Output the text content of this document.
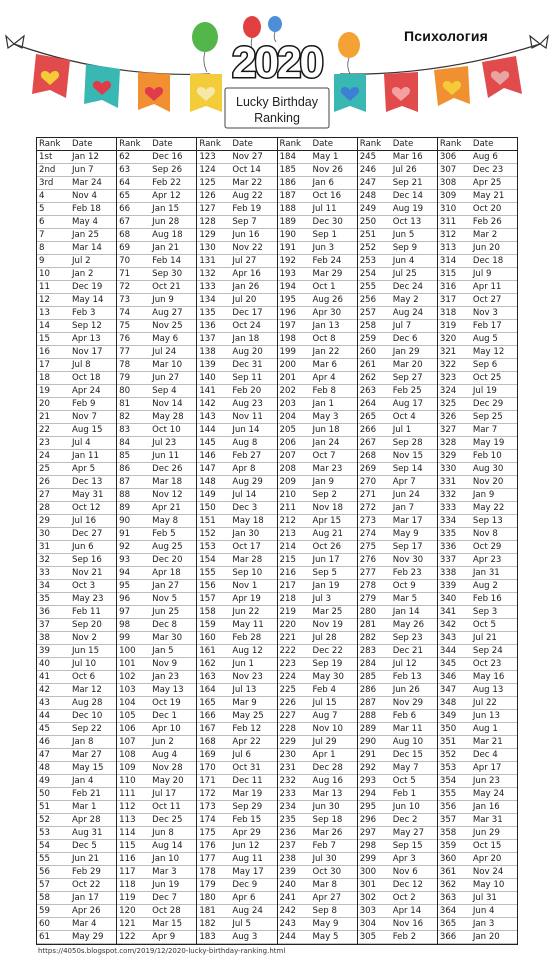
2020
Lucky Birthday
Ranking
Психология
Rank	Date
1st	Jan 12
2nd	Jun 7
3rd	Mar 24
4	Nov 4
5	Feb 18
6	May 4
7	Jan 25
8	Mar 14
9	Jul 2
10	Jan 2
11	Dec 19
12	May 14
13	Feb 3
14	Sep 12
15	Apr 13
16	Nov 17
17	Jul 8
18	Oct 18
19	Apr 24
20	Feb 9
21	Nov 7
22	Aug 15
23	Jul 4
24	Jan 11
25	Apr 5
26	Dec 13
27	May 31
28	Oct 12
29	Jul 16
30	Dec 27
31	Jun 6
32	Sep 16
33	Nov 21
34	Oct 3
35	May 23
36	Feb 11
37	Sep 20
38	Nov 2
39	Jun 15
40	Jul 10
41	Oct 6
42	Mar 12
43	Aug 28
44	Dec 10
45	Sep 22
46	Jan 8
47	Mar 27
48	May 15
49	Jan 4
50	Feb 21
51	Mar 1
52	Apr 28
53	Aug 31
54	Dec 5
55	Jun 21
56	Feb 29
57	Oct 22
58	Jan 17
59	Apr 26
60	Mar 4
61	May 29
Rank	Date
62	Dec 16
63	Sep 26
64	Feb 22
65	Apr 12
66	Jan 15
67	Jun 28
68	Aug 18
69	Jan 21
70	Feb 14
71	Sep 30
72	Oct 21
73	Jun 9
74	Aug 27
75	Nov 25
76	May 6
77	Jul 24
78	Mar 10
79	Jun 27
80	Sep 4
81	Nov 14
82	May 28
83	Oct 10
84	Jul 23
85	Jun 11
86	Dec 26
87	Mar 18
88	Nov 12
89	Apr 21
90	May 8
91	Feb 5
92	Aug 25
93	Dec 20
94	Apr 18
95	Jan 27
96	Nov 5
97	Jun 25
98	Dec 8
99	Mar 30
100	Jan 5
101	Nov 9
102	Jan 23
103	May 13
104	Oct 19
105	Dec 1
106	Apr 10
107	Jun 2
108	Aug 4
109	Nov 28
110	May 20
111	Jul 17
112	Oct 11
113	Dec 25
114	Jun 8
115	Aug 14
116	Jan 10
117	Mar 3
118	Jun 19
119	Dec 7
120	Oct 28
121	Mar 15
122	Apr 9
Rank	Date
123	Nov 27
124	Oct 14
125	Mar 22
126	Aug 22
127	Feb 19
128	Sep 7
129	Jun 16
130	Nov 22
131	Jul 27
132	Apr 16
133	Jan 26
134	Jul 20
135	Dec 17
136	Oct 24
137	Jan 18
138	Aug 20
139	Dec 31
140	Sep 11
141	Feb 20
142	Aug 23
143	Nov 11
144	Jun 14
145	Aug 8
146	Feb 27
147	Apr 8
148	Aug 29
149	Jul 14
150	Dec 3
151	May 18
152	Jan 30
153	Oct 17
154	Mar 28
155	Sep 10
156	Nov 1
157	Apr 19
158	Jun 22
159	May 11
160	Feb 28
161	Aug 12
162	Jun 1
163	Nov 23
164	Jul 13
165	Mar 9
166	May 25
167	Feb 12
168	Apr 22
169	Jul 6
170	Oct 31
171	Dec 11
172	Mar 19
173	Sep 29
174	Feb 15
175	Apr 29
176	Jun 12
177	Aug 11
178	May 17
179	Dec 9
180	Apr 6
181	Aug 24
182	Jul 5
183	Aug 3
Rank	Date
184	May 1
185	Nov 26
186	Jan 6
187	Oct 16
188	Jul 11
189	Dec 30
190	Sep 1
191	Jun 3
192	Feb 24
193	Mar 29
194	Oct 1
195	Aug 26
196	Apr 30
197	Jan 13
198	Oct 8
199	Jan 22
200	Mar 6
201	Apr 4
202	Feb 8
203	Jan 1
204	May 3
205	Jun 18
206	Jan 24
207	Oct 7
208	Mar 23
209	Jan 9
210	Sep 2
211	Nov 18
212	Apr 15
213	Aug 21
214	Oct 26
215	Jun 17
216	Sep 5
217	Jan 19
218	Jul 3
219	Mar 25
220	Nov 19
221	Jul 28
222	Dec 22
223	Sep 19
224	May 30
225	Feb 4
226	Jul 15
227	Aug 7
228	Nov 10
229	Jul 29
230	Apr 1
231	Dec 28
232	Aug 16
233	Mar 13
234	Jun 30
235	Sep 18
236	Mar 26
237	Feb 7
238	Jul 30
239	Oct 30
240	Mar 8
241	Apr 27
242	Sep 8
243	May 9
244	May 5
Rank	Date
245	Mar 16
246	Jul 26
247	Sep 21
248	Dec 14
249	Aug 19
250	Oct 13
251	Jun 5
252	Sep 9
253	Jun 4
254	Jul 25
255	Dec 24
256	May 2
257	Aug 24
258	Jul 7
259	Dec 6
260	Jan 29
261	Mar 20
262	Sep 27
263	Feb 25
264	Aug 17
265	Oct 4
266	Jul 1
267	Sep 28
268	Nov 15
269	Sep 14
270	Apr 7
271	Jun 24
272	Jan 7
273	Mar 17
274	May 9
275	Sep 17
276	Nov 30
277	Feb 23
278	Oct 9
279	Mar 5
280	Jan 14
281	May 26
282	Sep 23
283	Dec 21
284	Jul 12
285	Feb 13
286	Jun 26
287	Nov 29
288	Feb 6
289	Mar 11
290	Aug 10
291	Dec 15
292	May 7
293	Oct 5
294	Feb 1
295	Jun 10
296	Dec 2
297	May 27
298	Sep 15
299	Apr 3
300	Nov 6
301	Dec 12
302	Oct 2
303	Apr 14
304	Nov 16
305	Feb 2
Rank	Date
306	Aug 6
307	Dec 23
308	Apr 25
309	May 21
310	Oct 20
311	Feb 26
312	Mar 2
313	Jun 20
314	Dec 18
315	Jul 9
316	Apr 11
317	Oct 27
318	Nov 3
319	Feb 17
320	Aug 5
321	May 12
322	Sep 6
323	Oct 25
324	Jul 19
325	Dec 29
326	Sep 25
327	Mar 7
328	May 19
329	Feb 10
330	Aug 30
331	Nov 20
332	Jan 9
333	May 22
334	Sep 13
335	Nov 8
336	Oct 29
337	Apr 23
338	Jan 31
339	Aug 2
340	Feb 16
341	Sep 3
342	Oct 5
343	Jul 21
344	Sep 24
345	Oct 23
346	May 16
347	Aug 13
348	Jul 22
349	Jun 13
350	Aug 1
351	Mar 21
352	Dec 4
353	Apr 17
354	Jun 23
355	May 24
356	Jan 16
357	Mar 31
358	Jun 29
359	Oct 15
360	Apr 20
361	Nov 24
362	May 10
363	Jul 31
364	Jun 4
365	Jan 3
366	Jan 20
https://4050s.blogspot.com/2019/12/2020-lucky-birthday-ranking.html
